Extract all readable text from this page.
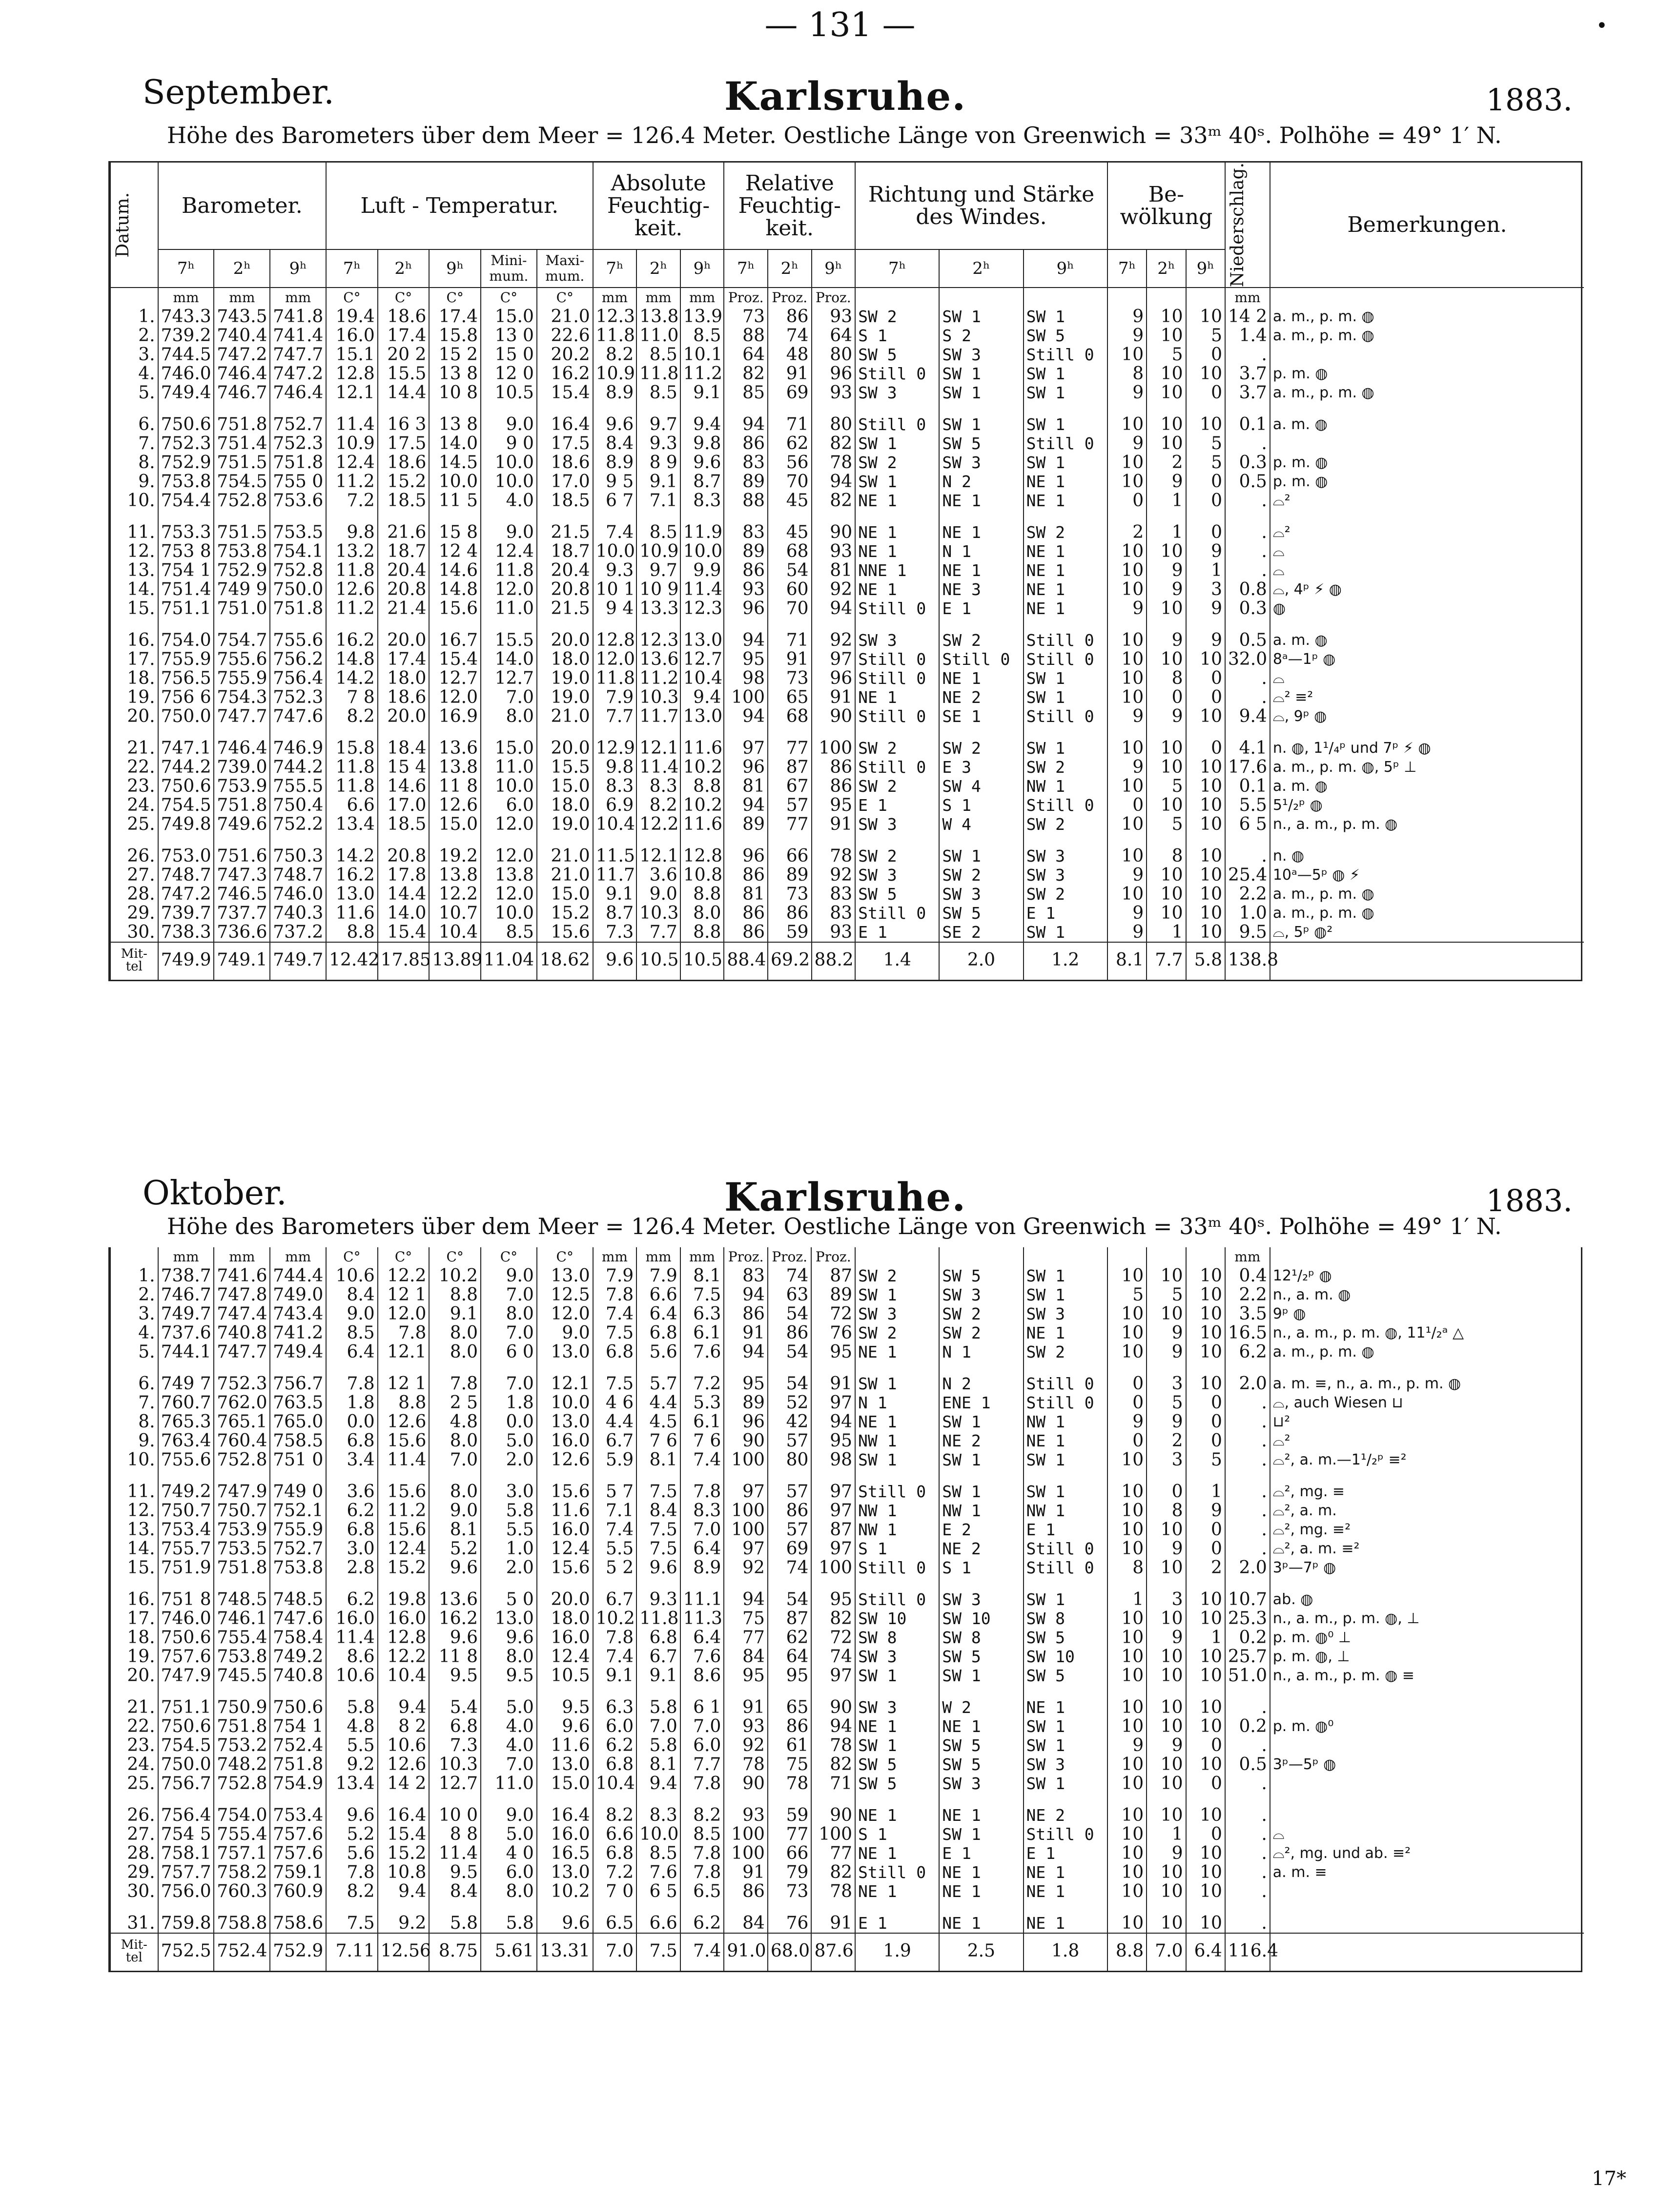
— 131 —	•
September.	Karlsruhe.	1883.
Höhe des Barometers über dem Meer = 126.4 Meter. Oestliche Länge von Greenwich = 33ᵐ 40ˢ. Polhöhe = 49° 1′ N.
Datum.	Barometer.			Luft - Temperatur.					Absolute Feuchtig- keit.			Relative Feuchtig- keit.			Richtung und Stärke des Windes.			Be- wölkung			Niederschlag.	Bemerkungen.
	7ʰ	2ʰ	9ʰ	7ʰ	2ʰ	9ʰ	Mini- mum.	Maxi- mum.	7ʰ	2ʰ	9ʰ	7ʰ	2ʰ	9ʰ	7ʰ	2ʰ	9ʰ	7ʰ	2ʰ	9ʰ		
	mm	mm	mm	C°	C°	C°	C°	C°	mm	mm	mm	Proz.	Proz.	Proz.							mm	
1.	743.3	743.5	741.8	19.4	18.6	17.4	15.0	21.0	12.3	13.8	13.9	73	86	93	SW 2	SW 1	SW 1	9	10	10	14 2	a. m., p. m. ◍
2.	739.2	740.4	741.4	16.0	17.4	15.8	13 0	22.6	11.8	11.0	8.5	88	74	64	S 1	S 2	SW 5	9	10	5	1.4	a. m., p. m. ◍
3.	744.5	747.2	747.7	15.1	20 2	15 2	15 0	20.2	8.2	8.5	10.1	64	48	80	SW 5	SW 3	Still 0	10	5	0	.	
4.	746.0	746.4	747.2	12.8	15.5	13 8	12 0	16.2	10.9	11.8	11.2	82	91	96	Still 0	SW 1	SW 1	8	10	10	3.7	p. m. ◍
5.	749.4	746.7	746.4	12.1	14.4	10 8	10.5	15.4	8.9	8.5	9.1	85	69	93	SW 3	SW 1	SW 1	9	10	0	3.7	a. m., p. m. ◍

6.	750.6	751.8	752.7	11.4	16 3	13 8	9.0	16.4	9.6	9.7	9.4	94	71	80	Still 0	SW 1	SW 1	10	10	10	0.1	a. m. ◍
7.	752.3	751.4	752.3	10.9	17.5	14.0	9 0	17.5	8.4	9.3	9.8	86	62	82	SW 1	SW 5	Still 0	9	10	5	.	
8.	752.9	751.5	751.8	12.4	18.6	14.5	10.0	18.6	8.9	8 9	9.6	83	56	78	SW 2	SW 3	SW 1	10	2	5	0.3	p. m. ◍
9.	753.8	754.5	755 0	11.2	15.2	10.0	10.0	17.0	9 5	9.1	8.7	89	70	94	SW 1	N 2	NE 1	10	9	0	0.5	p. m. ◍
10.	754.4	752.8	753.6	7.2	18.5	11 5	4.0	18.5	6 7	7.1	8.3	88	45	82	NE 1	NE 1	NE 1	0	1	0	.	⌓²

11.	753.3	751.5	753.5	9.8	21.6	15 8	9.0	21.5	7.4	8.5	11.9	83	45	90	NE 1	NE 1	SW 2	2	1	0	.	⌓²
12.	753 8	753.8	754.1	13.2	18.7	12 4	12.4	18.7	10.0	10.9	10.0	89	68	93	NE 1	N 1	NE 1	10	10	9	.	⌓
13.	754 1	752.9	752.8	11.8	20.4	14.6	11.8	20.4	9.3	9.7	9.9	86	54	81	NNE 1	NE 1	NE 1	10	9	1	.	⌓
14.	751.4	749 9	750.0	12.6	20.8	14.8	12.0	20.8	10 1	10 9	11.4	93	60	92	NE 1	NE 3	NE 1	10	9	3	0.8	⌓, 4ᵖ ⚡ ◍
15.	751.1	751.0	751.8	11.2	21.4	15.6	11.0	21.5	9 4	13.3	12.3	96	70	94	Still 0	E 1	NE 1	9	10	9	0.3	◍

16.	754.0	754.7	755.6	16.2	20.0	16.7	15.5	20.0	12.8	12.3	13.0	94	71	92	SW 3	SW 2	Still 0	10	9	9	0.5	a. m. ◍
17.	755.9	755.6	756.2	14.8	17.4	15.4	14.0	18.0	12.0	13.6	12.7	95	91	97	Still 0	Still 0	Still 0	10	10	10	32.0	8ᵃ—1ᵖ ◍
18.	756.5	755.9	756.4	14.2	18.0	12.7	12.7	19.0	11.8	11.2	10.4	98	73	96	Still 0	NE 1	SW 1	10	8	0	.	⌓
19.	756 6	754.3	752.3	7 8	18.6	12.0	7.0	19.0	7.9	10.3	9.4	100	65	91	NE 1	NE 2	SW 1	10	0	0	.	⌓² ≡²
20.	750.0	747.7	747.6	8.2	20.0	16.9	8.0	21.0	7.7	11.7	13.0	94	68	90	Still 0	SE 1	Still 0	9	9	10	9.4	⌓, 9ᵖ ◍

21.	747.1	746.4	746.9	15.8	18.4	13.6	15.0	20.0	12.9	12.1	11.6	97	77	100	SW 2	SW 2	SW 1	10	10	0	4.1	n. ◍, 1¹/₄ᵖ und 7ᵖ ⚡ ◍
22.	744.2	739.0	744.2	11.8	15 4	13.8	11.0	15.5	9.8	11.4	10.2	96	87	86	Still 0	E 3	SW 2	9	10	10	17.6	a. m., p. m. ◍, 5ᵖ ⊥
23.	750.6	753.9	755.5	11.8	14.6	11 8	10.0	15.0	8.3	8.3	8.8	81	67	86	SW 2	SW 4	NW 1	10	5	10	0.1	a. m. ◍
24.	754.5	751.8	750.4	6.6	17.0	12.6	6.0	18.0	6.9	8.2	10.2	94	57	95	E 1	S 1	Still 0	0	10	10	5.5	5¹/₂ᵖ ◍
25.	749.8	749.6	752.2	13.4	18.5	15.0	12.0	19.0	10.4	12.2	11.6	89	77	91	SW 3	W 4	SW 2	10	5	10	6 5	n., a. m., p. m. ◍

26.	753.0	751.6	750.3	14.2	20.8	19.2	12.0	21.0	11.5	12.1	12.8	96	66	78	SW 2	SW 1	SW 3	10	8	10	.	n. ◍
27.	748.7	747.3	748.7	16.2	17.8	13.8	13.8	21.0	11.7	3.6	10.8	86	89	92	SW 3	SW 2	SW 3	9	10	10	25.4	10ᵃ—5ᵖ ◍ ⚡
28.	747.2	746.5	746.0	13.0	14.4	12.2	12.0	15.0	9.1	9.0	8.8	81	73	83	SW 5	SW 3	SW 2	10	10	10	2.2	a. m., p. m. ◍
29.	739.7	737.7	740.3	11.6	14.0	10.7	10.0	15.2	8.7	10.3	8.0	86	86	83	Still 0	SW 5	E 1	9	10	10	1.0	a. m., p. m. ◍
30.	738.3	736.6	737.2	8.8	15.4	10.4	8.5	15.6	7.3	7.7	8.8	86	59	93	E 1	SE 2	SW 1	9	1	10	9.5	⌓, 5ᵖ ◍²
Mit- tel	749.9	749.1	749.7	12.42	17.85	13.89	11.04	18.62	9.6	10.5	10.5	88.4	69.2	88.2	1.4	2.0	1.2	8.1	7.7	5.8	138.8	
Oktober.	Karlsruhe.	1883.
Höhe des Barometers über dem Meer = 126.4 Meter. Oestliche Länge von Greenwich = 33ᵐ 40ˢ. Polhöhe = 49° 1′ N.
	mm	mm	mm	C°	C°	C°	C°	C°	mm	mm	mm	Proz.	Proz.	Proz.							mm	
1.	738.7	741.6	744.4	10.6	12.2	10.2	9.0	13.0	7.9	7.9	8.1	83	74	87	SW 2	SW 5	SW 1	10	10	10	0.4	12¹/₂ᵖ ◍
2.	746.7	747.8	749.0	8.4	12 1	8.8	7.0	12.5	7.8	6.6	7.5	94	63	89	SW 1	SW 3	SW 1	5	5	10	2.2	n., a. m. ◍
3.	749.7	747.4	743.4	9.0	12.0	9.1	8.0	12.0	7.4	6.4	6.3	86	54	72	SW 3	SW 2	SW 3	10	10	10	3.5	9ᵖ ◍
4.	737.6	740.8	741.2	8.5	7.8	8.0	7.0	9.0	7.5	6.8	6.1	91	86	76	SW 2	SW 2	NE 1	10	9	10	16.5	n., a. m., p. m. ◍, 11¹/₂ᵃ △
5.	744.1	747.7	749.4	6.4	12.1	8.0	6 0	13.0	6.8	5.6	7.6	94	54	95	NE 1	N 1	SW 2	10	9	10	6.2	a. m., p. m. ◍

6.	749 7	752.3	756.7	7.8	12 1	7.8	7.0	12.1	7.5	5.7	7.2	95	54	91	SW 1	N 2	Still 0	0	3	10	2.0	a. m. ≡, n., a. m., p. m. ◍
7.	760.7	762.0	763.5	1.8	8.8	2 5	1.8	10.0	4 6	4.4	5.3	89	52	97	N 1	ENE 1	Still 0	0	5	0	.	⌓, auch Wiesen ⊔
8.	765.3	765.1	765.0	0.0	12.6	4.8	0.0	13.0	4.4	4.5	6.1	96	42	94	NE 1	SW 1	NW 1	9	9	0	.	⊔²
9.	763.4	760.4	758.5	6.8	15.6	8.0	5.0	16.0	6.7	7 6	7 6	90	57	95	NW 1	NE 2	NE 1	0	2	0	.	⌓²
10.	755.6	752.8	751 0	3.4	11.4	7.0	2.0	12.6	5.9	8.1	7.4	100	80	98	SW 1	SW 1	SW 1	10	3	5	.	⌓², a. m.—1¹/₂ᵖ ≡²

11.	749.2	747.9	749 0	3.6	15.6	8.0	3.0	15.6	5 7	7.5	7.8	97	57	97	Still 0	SW 1	SW 1	10	0	1	.	⌓², mg. ≡
12.	750.7	750.7	752.1	6.2	11.2	9.0	5.8	11.6	7.1	8.4	8.3	100	86	97	NW 1	NW 1	NW 1	10	8	9	.	⌓², a. m.
13.	753.4	753.9	755.9	6.8	15.6	8.1	5.5	16.0	7.4	7.5	7.0	100	57	87	NW 1	E 2	E 1	10	10	0	.	⌓², mg. ≡²
14.	755.7	753.5	752.7	3.0	12.4	5.2	1.0	12.4	5.5	7.5	6.4	97	69	97	S 1	NE 2	Still 0	10	9	0	.	⌓², a. m. ≡²
15.	751.9	751.8	753.8	2.8	15.2	9.6	2.0	15.6	5 2	9.6	8.9	92	74	100	Still 0	S 1	Still 0	8	10	2	2.0	3ᵖ—7ᵖ ◍

16.	751 8	748.5	748.5	6.2	19.8	13.6	5 0	20.0	6.7	9.3	11.1	94	54	95	Still 0	SW 3	SW 1	1	3	10	10.7	ab. ◍
17.	746.0	746.1	747.6	16.0	16.0	16.2	13.0	18.0	10.2	11.8	11.3	75	87	82	SW 10	SW 10	SW 8	10	10	10	25.3	n., a. m., p. m. ◍, ⊥
18.	750.6	755.4	758.4	11.4	12.8	9.6	9.6	16.0	7.8	6.8	6.4	77	62	72	SW 8	SW 8	SW 5	10	9	1	0.2	p. m. ◍⁰ ⊥
19.	757.6	753.8	749.2	8.6	12.2	11 8	8.0	12.4	7.4	6.7	7.6	84	64	74	SW 3	SW 5	SW 10	10	10	10	25.7	p. m. ◍, ⊥
20.	747.9	745.5	740.8	10.6	10.4	9.5	9.5	10.5	9.1	9.1	8.6	95	95	97	SW 1	SW 1	SW 5	10	10	10	51.0	n., a. m., p. m. ◍ ≡

21.	751.1	750.9	750.6	5.8	9.4	5.4	5.0	9.5	6.3	5.8	6 1	91	65	90	SW 3	W 2	NE 1	10	10	10	.	
22.	750.6	751.8	754 1	4.8	8 2	6.8	4.0	9.6	6.0	7.0	7.0	93	86	94	NE 1	NE 1	SW 1	10	10	10	0.2	p. m. ◍⁰
23.	754.5	753.2	752.4	5.5	10.6	7.3	4.0	11.6	6.2	5.8	6.0	92	61	78	SW 1	SW 5	SW 1	9	9	0	.	
24.	750.0	748.2	751.8	9.2	12.6	10.3	7.0	13.0	6.8	8.1	7.7	78	75	82	SW 5	SW 5	SW 3	10	10	10	0.5	3ᵖ—5ᵖ ◍
25.	756.7	752.8	754.9	13.4	14 2	12.7	11.0	15.0	10.4	9.4	7.8	90	78	71	SW 5	SW 3	SW 1	10	10	0	.	

26.	756.4	754.0	753.4	9.6	16.4	10 0	9.0	16.4	8.2	8.3	8.2	93	59	90	NE 1	NE 1	NE 2	10	10	10	.	
27.	754 5	755.4	757.6	5.2	15.4	8 8	5.0	16.0	6.6	10.0	8.5	100	77	100	S 1	SW 1	Still 0	10	1	0	.	⌓
28.	758.1	757.1	757.6	5.6	15.2	11.4	4 0	16.5	6.8	8.5	7.8	100	66	77	NE 1	E 1	E 1	10	9	10	.	⌓², mg. und ab. ≡²
29.	757.7	758.2	759.1	7.8	10.8	9.5	6.0	13.0	7.2	7.6	7.8	91	79	82	Still 0	NE 1	NE 1	10	10	10	.	a. m. ≡
30.	756.0	760.3	760.9	8.2	9.4	8.4	8.0	10.2	7 0	6 5	6.5	86	73	78	NE 1	NE 1	NE 1	10	10	10	.	

31.	759.8	758.8	758.6	7.5	9.2	5.8	5.8	9.6	6.5	6.6	6.2	84	76	91	E 1	NE 1	NE 1	10	10	10	.	
Mit- tel	752.5	752.4	752.9	7.11	12.56	8.75	5.61	13.31	7.0	7.5	7.4	91.0	68.0	87.6	1.9	2.5	1.8	8.8	7.0	6.4	116.4	
17*
